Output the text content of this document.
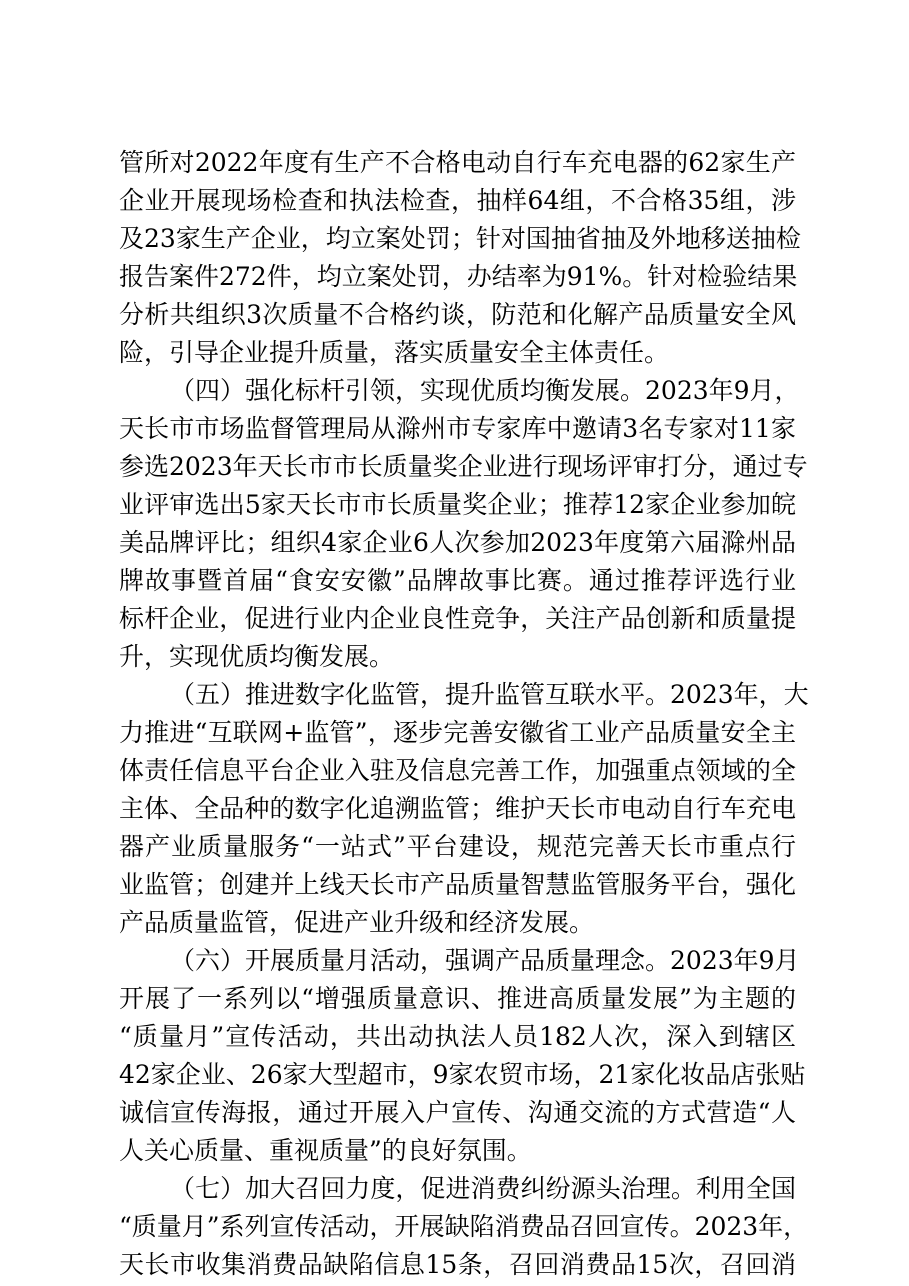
管所对2022年度有生产不合格电动自行车充电器的62家生产
企业开展现场检查和执法检查，抽样64组，不合格35组，涉
及23家生产企业，均立案处罚；针对国抽省抽及外地移送抽检
报告案件272件，均立案处罚，办结率为91%。针对检验结果
分析共组织3次质量不合格约谈，防范和化解产品质量安全风
险，引导企业提升质量，落实质量安全主体责任。
（四）强化标杆引领，实现优质均衡发展。2023年9月，
天长市市场监督管理局从滁州市专家库中邀请3名专家对11家
参选2023年天长市市长质量奖企业进行现场评审打分，通过专
业评审选出5家天长市市长质量奖企业；推荐12家企业参加皖
美品牌评比；组织4家企业6人次参加2023年度第六届滁州品
牌故事暨首届“食安安徽”品牌故事比赛。通过推荐评选行业
标杆企业，促进行业内企业良性竞争，关注产品创新和质量提
升，实现优质均衡发展。
（五）推进数字化监管，提升监管互联水平。2023年，大
力推进“互联网+监管”，逐步完善安徽省工业产品质量安全主
体责任信息平台企业入驻及信息完善工作，加强重点领域的全
主体、全品种的数字化追溯监管；维护天长市电动自行车充电
器产业质量服务“一站式”平台建设，规范完善天长市重点行
业监管；创建并上线天长市产品质量智慧监管服务平台，强化
产品质量监管，促进产业升级和经济发展。
（六）开展质量月活动，强调产品质量理念。2023年9月
开展了一系列以“增强质量意识、推进高质量发展”为主题的
“质量月”宣传活动，共出动执法人员182人次，深入到辖区
42家企业、26家大型超市，9家农贸市场，21家化妆品店张贴
诚信宣传海报，通过开展入户宣传、沟通交流的方式营造“人
人关心质量、重视质量”的良好氛围。
（七）加大召回力度，促进消费纠纷源头治理。利用全国
“质量月”系列宣传活动，开展缺陷消费品召回宣传。2023年，
天长市收集消费品缺陷信息15条，召回消费品15次，召回消
